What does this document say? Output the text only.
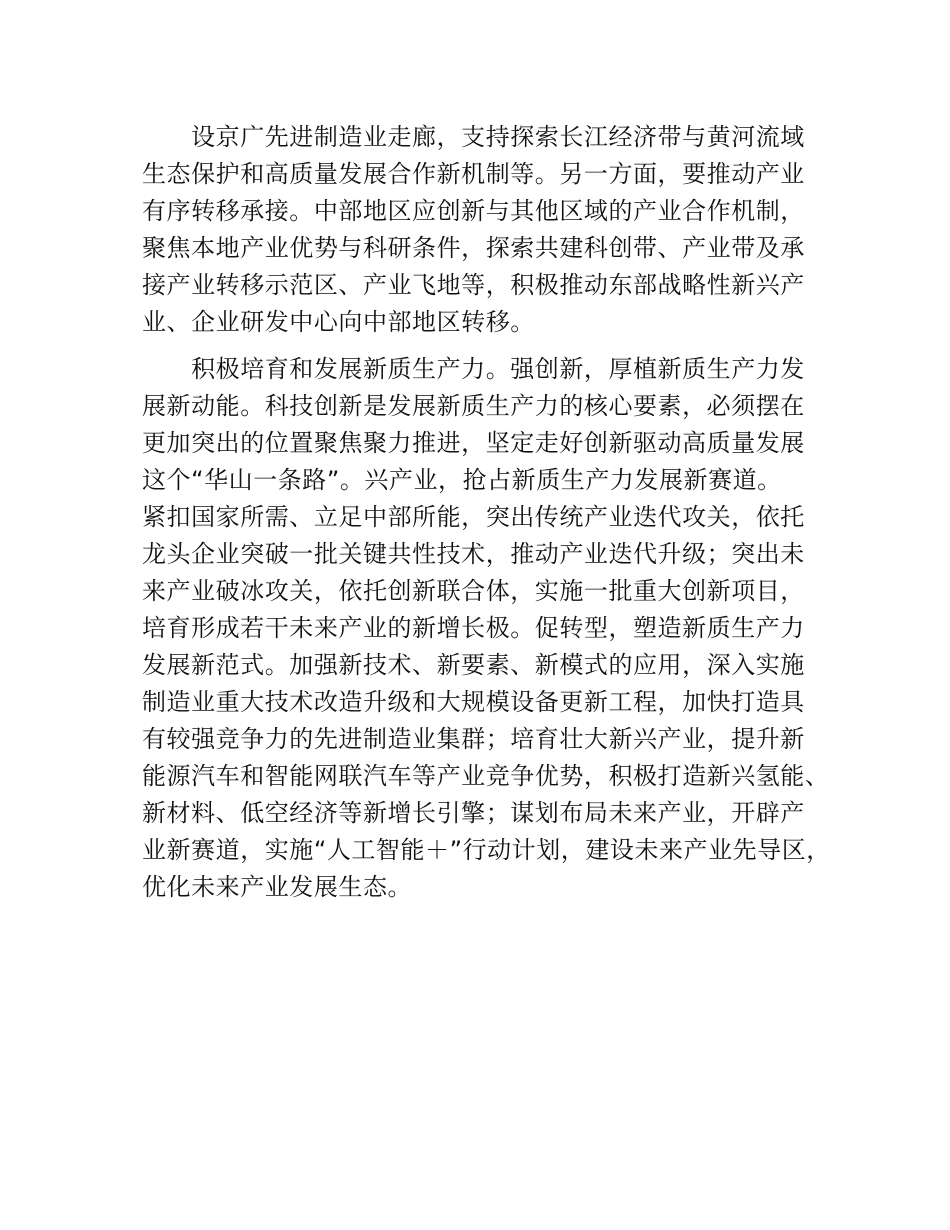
　　设京广先进制造业走廊，支持探索长江经济带与黄河流域
生态保护和高质量发展合作新机制等。另一方面，要推动产业
有序转移承接。中部地区应创新与其他区域的产业合作机制，
聚焦本地产业优势与科研条件，探索共建科创带、产业带及承
接产业转移示范区、产业飞地等，积极推动东部战略性新兴产
业、企业研发中心向中部地区转移。
　　积极培育和发展新质生产力。强创新，厚植新质生产力发
展新动能。科技创新是发展新质生产力的核心要素，必须摆在
更加突出的位置聚焦聚力推进，坚定走好创新驱动高质量发展
这个“华山一条路”。兴产业，抢占新质生产力发展新赛道。
紧扣国家所需、立足中部所能，突出传统产业迭代攻关，依托
龙头企业突破一批关键共性技术，推动产业迭代升级；突出未
来产业破冰攻关，依托创新联合体，实施一批重大创新项目，
培育形成若干未来产业的新增长极。促转型，塑造新质生产力
发展新范式。加强新技术、新要素、新模式的应用，深入实施
制造业重大技术改造升级和大规模设备更新工程，加快打造具
有较强竞争力的先进制造业集群；培育壮大新兴产业，提升新
能源汽车和智能网联汽车等产业竞争优势，积极打造新兴氢能、
新材料、低空经济等新增长引擎；谋划布局未来产业，开辟产
业新赛道，实施“人工智能＋”行动计划，建设未来产业先导区，
优化未来产业发展生态。
